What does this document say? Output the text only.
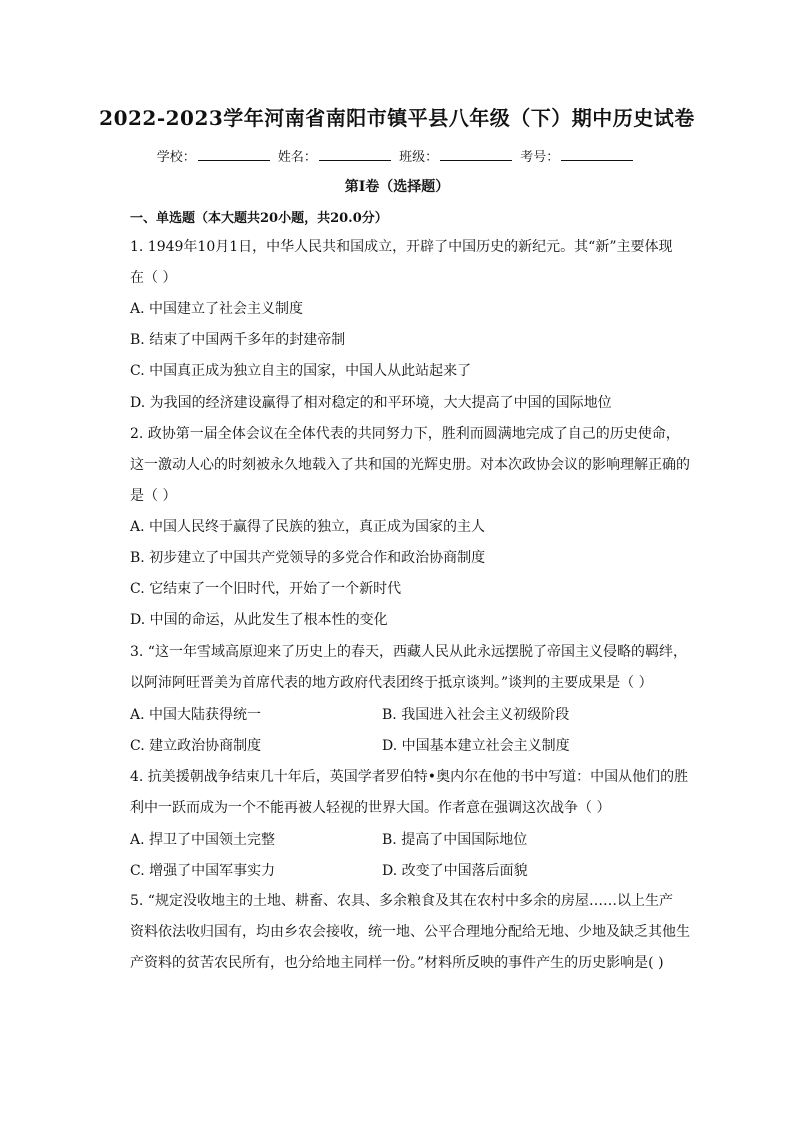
2022-2023学年河南省南阳市镇平县八年级（下）期中历史试卷
学校：	姓名：	班级：	考号：
第Ⅰ卷（选择题）
一、单选题（本大题共20小题，共20.0分）
1. 1949年10月1日，中华人民共和国成立，开辟了中国历史的新纪元。其“新”主要体现
在（ ）
A. 中国建立了社会主义制度
B. 结束了中国两千多年的封建帝制
C. 中国真正成为独立自主的国家，中国人从此站起来了
D. 为我国的经济建设赢得了相对稳定的和平环境，大大提高了中国的国际地位
2. 政协第一届全体会议在全体代表的共同努力下，胜利而圆满地完成了自己的历史使命，
这一激动人心的时刻被永久地载入了共和国的光辉史册。对本次政协会议的影响理解正确的
是（ ）
A. 中国人民终于赢得了民族的独立，真正成为国家的主人
B. 初步建立了中国共产党领导的多党合作和政治协商制度
C. 它结束了一个旧时代，开始了一个新时代
D. 中国的命运，从此发生了根本性的变化
3. “这一年雪域高原迎来了历史上的春天，西藏人民从此永远摆脱了帝国主义侵略的羁绊，
以阿沛阿旺晋美为首席代表的地方政府代表团终于抵京谈判。”谈判的主要成果是（ ）
A. 中国大陆获得统一	B. 我国进入社会主义初级阶段
C. 建立政治协商制度	D. 中国基本建立社会主义制度
4. 抗美援朝战争结束几十年后，英国学者罗伯特•奥内尔在他的书中写道：中国从他们的胜
利中一跃而成为一个不能再被人轻视的世界大国。作者意在强调这次战争（ ）
A. 捍卫了中国领土完整	B. 提高了中国国际地位
C. 增强了中国军事实力	D. 改变了中国落后面貌
5. “规定没收地主的土地、耕畜、农具、多余粮食及其在农村中多余的房屋……以上生产
资料依法收归国有，均由乡农会接收，统一地、公平合理地分配给无地、少地及缺乏其他生
产资料的贫苦农民所有，也分给地主同样一份。”材料所反映的事件产生的历史影响是( )
